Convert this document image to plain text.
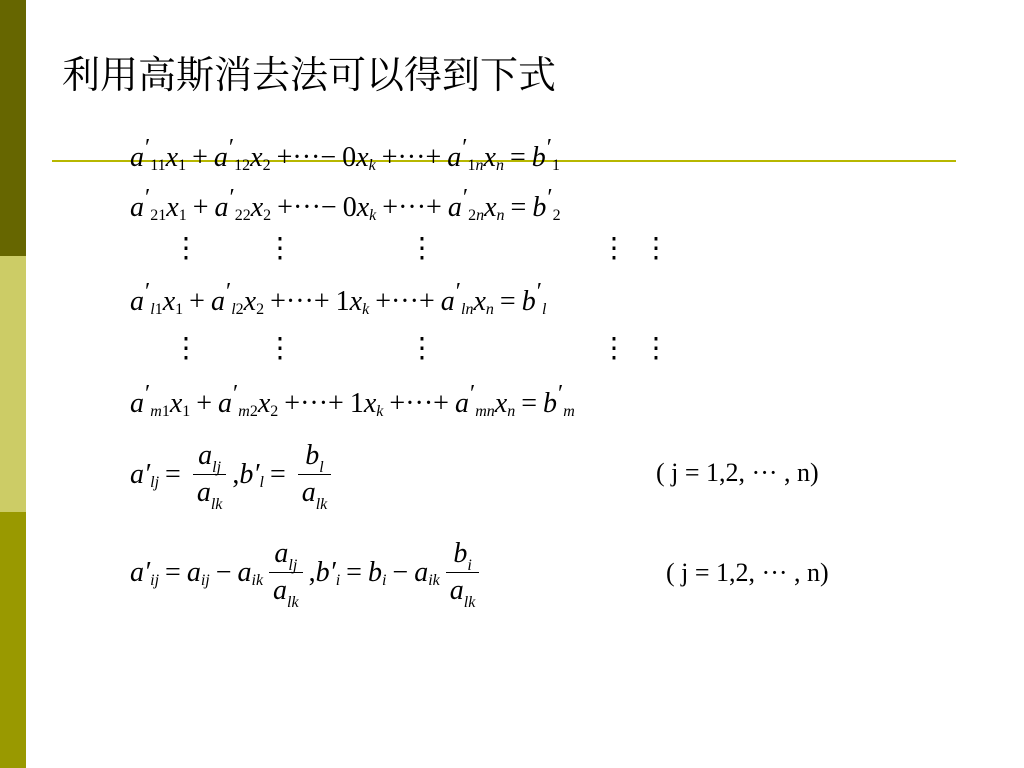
利用高斯消去法可以得到下式
a ′
11 x 1 + a ′
12 x 2 +···− 0 x k +···+ a ′
1 n x n = b ′
1
a ′
21 x 1 + a ′
22 x 2 +···− 0 x k +···+ a ′
2 n x n = b ′
2
⋮ ⋮	⋮	⋮ ⋮
a ′
l 1 x 1 + a ′
l 2 x 2 +···+ 1 x k +···+ a ′
l n x n = b ′
l
⋮ ⋮	⋮	⋮ ⋮
a ′
m 1 x 1 + a ′
m 2 x 2 +···+ 1 x k +···+ a ′
mn x n = b ′
m
a′ lj = $\frac{a_{lj}}{a_{lk}}$ , b′ $l = \frac{b_l}{a_{lk}}$	( j = 1,2, ··· , n)
a′ ij = a ij − a ik $\frac{a_{lj}}{a_{lk}}$ , b′ i = b i − a ik $\frac{b_i}{a_{lk}}$	( j = 1,2, ··· , n)
